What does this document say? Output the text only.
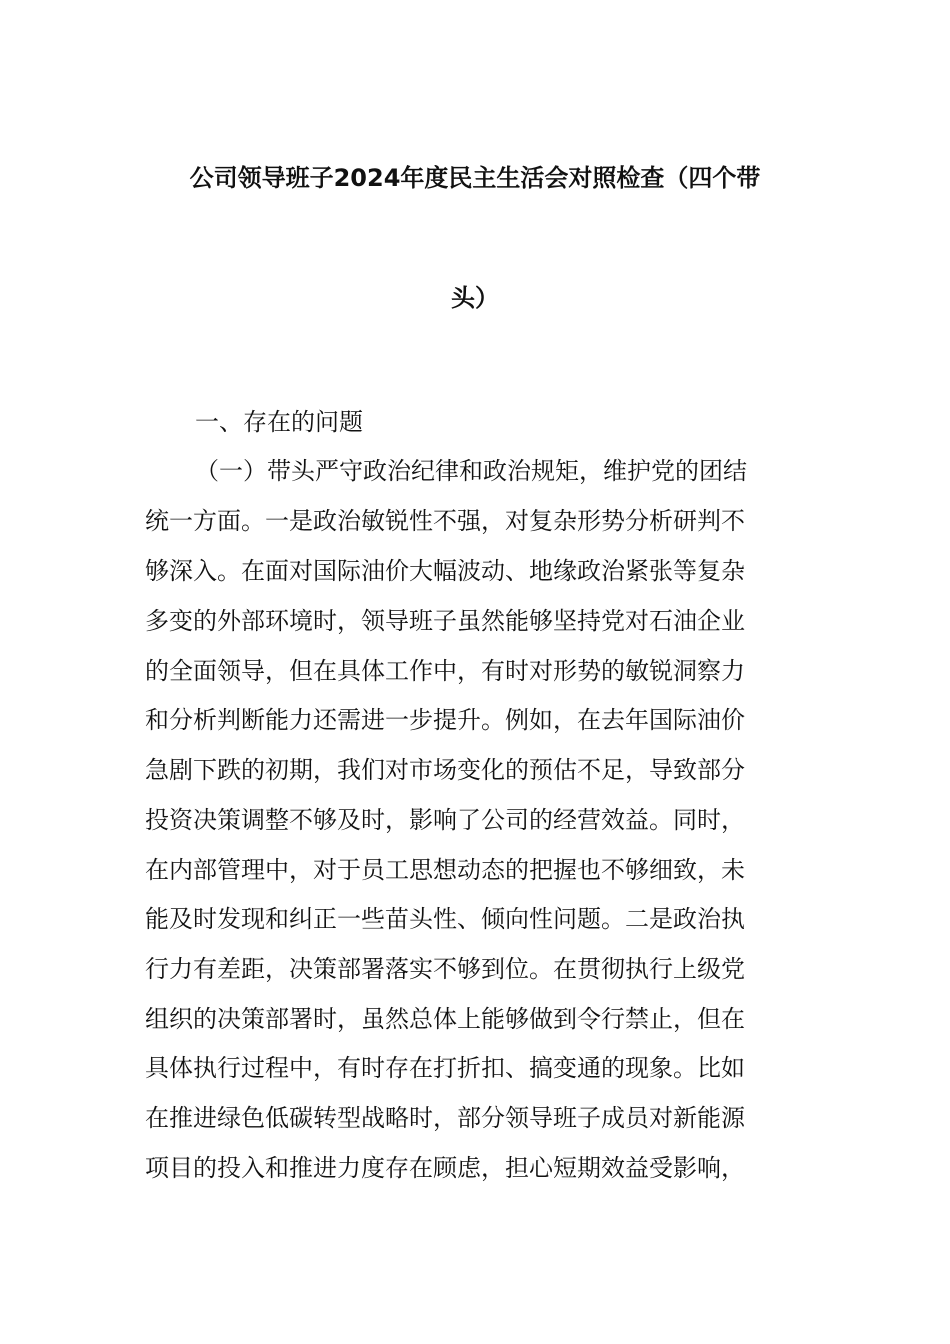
公司领导班子2024年度民主生活会对照检查（四个带
头）
一、存在的问题
（一）带头严守政治纪律和政治规矩，维护党的团结
统一方面。一是政治敏锐性不强，对复杂形势分析研判不
够深入。在面对国际油价大幅波动、地缘政治紧张等复杂
多变的外部环境时，领导班子虽然能够坚持党对石油企业
的全面领导，但在具体工作中，有时对形势的敏锐洞察力
和分析判断能力还需进一步提升。例如，在去年国际油价
急剧下跌的初期，我们对市场变化的预估不足，导致部分
投资决策调整不够及时，影响了公司的经营效益。同时，
在内部管理中，对于员工思想动态的把握也不够细致，未
能及时发现和纠正一些苗头性、倾向性问题。二是政治执
行力有差距，决策部署落实不够到位。在贯彻执行上级党
组织的决策部署时，虽然总体上能够做到令行禁止，但在
具体执行过程中，有时存在打折扣、搞变通的现象。比如
在推进绿色低碳转型战略时，部分领导班子成员对新能源
项目的投入和推进力度存在顾虑，担心短期效益受影响，
